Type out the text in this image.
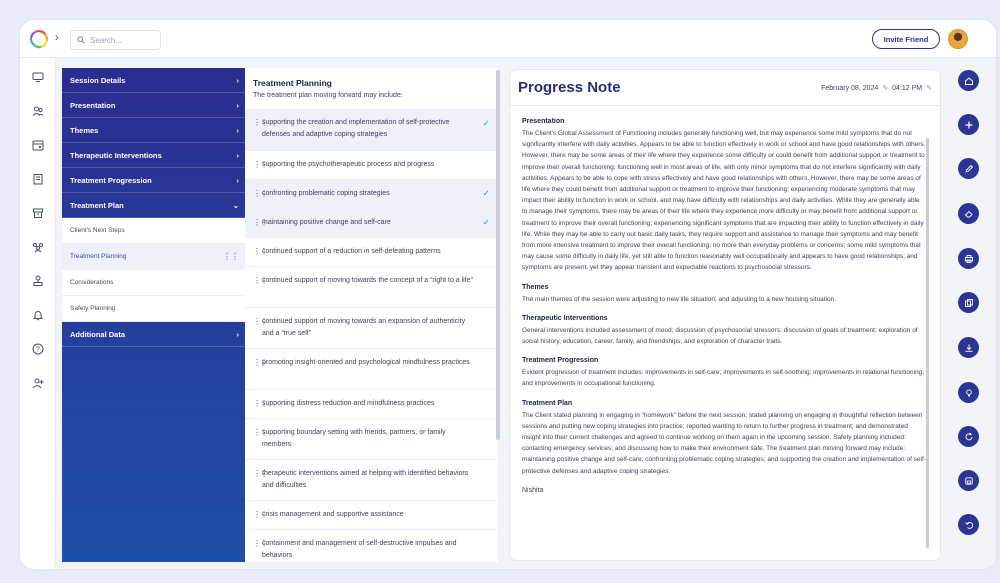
›
Search...	Invite Friend
?
Session Details	›
Presentation	›
Themes	›
Therapeutic Interventions	›
Treatment Progression	›
Treatment Plan	⌄
Client's Next Steps
Treatment Planning	⋮⋮
Considerations
Safety Planning
Additional Data	›
Treatment Planning
The treatment plan moving forward may include:
⋮⋮
supporting the creation and implementation of self-protective defenses and adaptive coping strategies
✓
⋮⋮
supporting the psychotherapeutic process and progress
⋮⋮
confronting problematic coping strategies	✓
⋮⋮
maintaining positive change and self-care	✓
⋮⋮
continued support of a reduction in self-defeating patterns
⋮⋮
continued support of moving towards the concept of a “right to a life”
⋮⋮
continued support of moving towards an expansion of authenticity and a “true self”
⋮⋮
promoting insight-oriented and psychological mindfulness practices
⋮⋮
supporting distress reduction and mindfulness practices
⋮⋮
supporting boundary setting with friends, partners, or family members
⋮⋮
therapeutic interventions aimed at helping with identified behaviors and difficulties
⋮⋮
crisis management and supportive assistance
⋮⋮
containment and management of self-destructive impulses and behaviors
Progress Note	February 08, 2024 ✎ 04:12 PM ✎
Presentation

The Client's Global Assessment of Functioning includes generally functioning well, but may experience some mild symptoms that do not significantly interfere with daily activities. Appears to be able to function effectively in work or school and have good relationships with others. However, there may be some areas of their life where they experience some difficulty or could benefit from additional support or treatment to improve their overall functioning; functioning well in most areas of life, with only minor symptoms that do not interfere significantly with daily activities. Appears to be able to cope with stress effectively and have good relationships with others. However, there may be some areas of life where they could benefit from additional support or treatment to improve their functioning; experiencing moderate symptoms that may impact their ability to function in work or school, and may have difficulty with relationships and daily activities. While they are generally able to manage their symptoms, there may be areas of their life where they experience more difficulty or may benefit from additional support or treatment to improve their overall functioning; experiencing significant symptoms that are impacting their ability to function effectively in daily life. While they may be able to carry out basic daily tasks, they require support and assistance to manage their symptoms and may benefit from more intensive treatment to improve their overall functioning; no more than everyday problems or concerns; some mild symptoms that may cause some difficulty in daily life, yet still able to function reasonably well occupationally and appears to have good relationships; and symptoms are present, yet they appear transient and expectable reactions to psychosocial stressors.

Themes

The main themes of the session were adjusting to new life situation; and adjusting to a new housing situation.

Therapeutic Interventions

General interventions included assessment of mood; discussion of psychosocial stressors; discussion of goals of treatment; exploration of social history, education, career, family, and friendships; and exploration of character traits.

Treatment Progression

Evident progression of treatment includes: improvements in self-care; improvements in self-soothing; improvements in relational functioning; and improvements in occupational functioning.

Treatment Plan

The Client stated planning in engaging in "homework" before the next session; stated planning on engaging in thoughtful reflection between sessions and putting new coping strategies into practice; reported wanting to return to further progress in treatment; and demonstrated insight into their current challenges and agreed to continue working on them again in the upcoming session. Safety planning included: contacting emergency services; and discussing how to make their environment safe. The treatment plan moving forward may include: maintaining positive change and self-care; confronting problematic coping strategies; and supporting the creation and implementation of self-protective defenses and adaptive coping strategies.

Nishita
